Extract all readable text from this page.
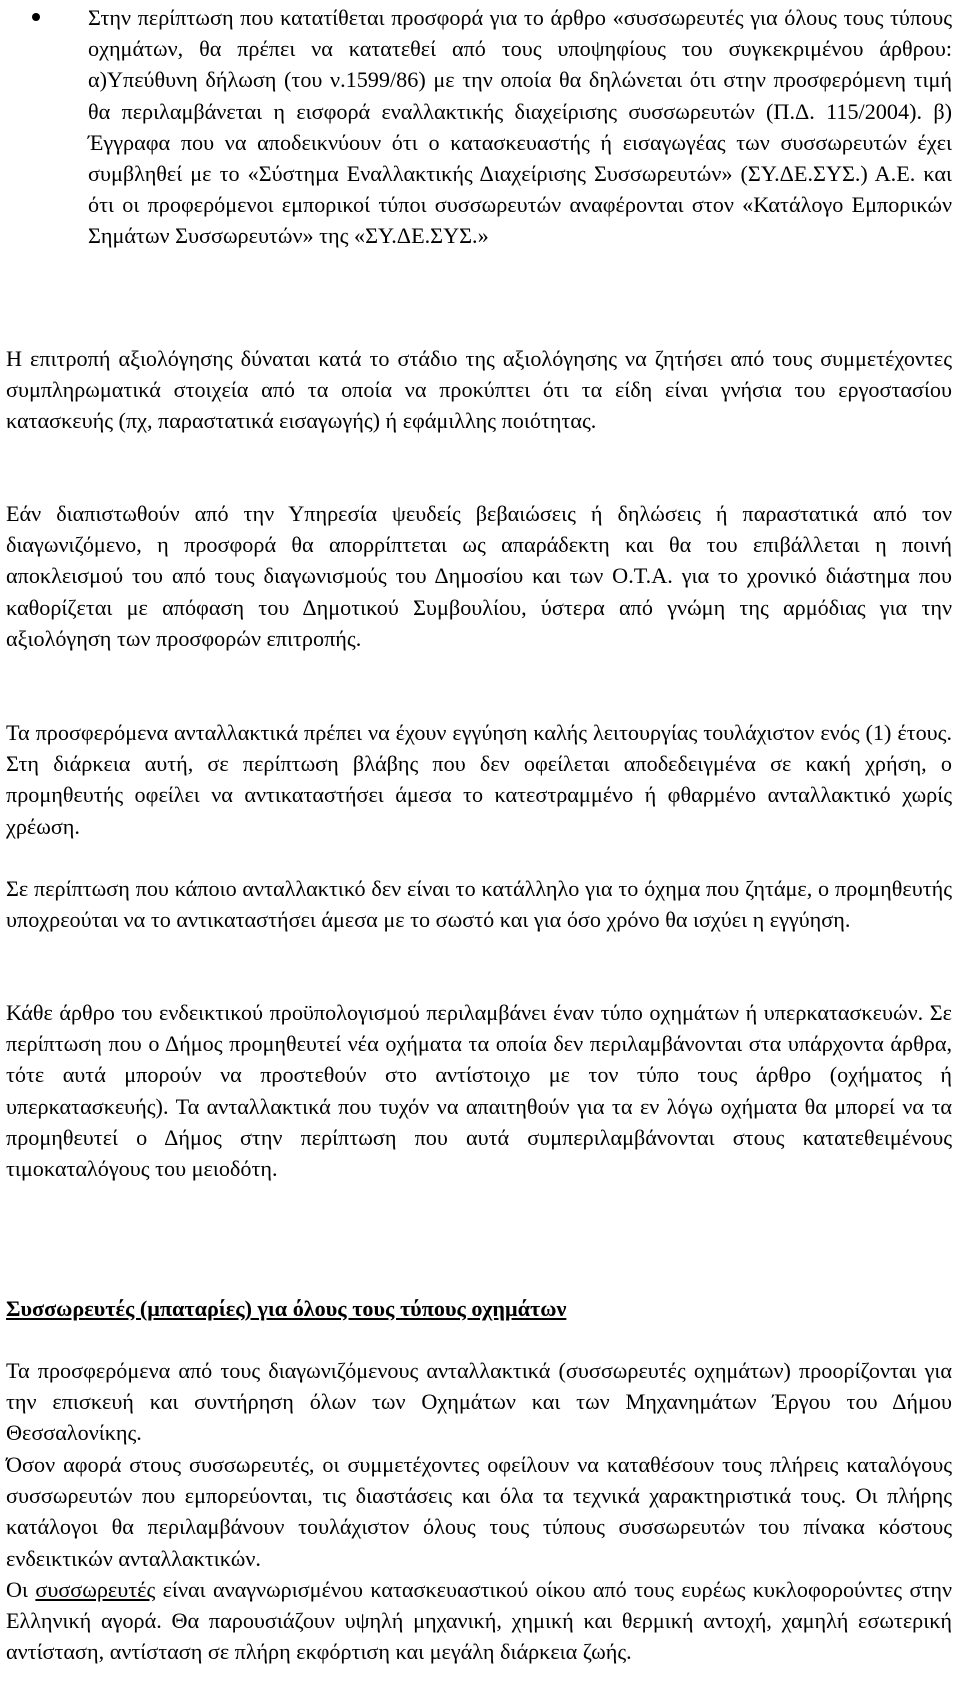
Στην περίπτωση που κατατίθεται προσφορά για το άρθρο «συσσωρευτές για όλους τους τύπους οχημάτων, θα πρέπει να κατατεθεί από τους υποψηφίους του συγκεκριμένου άρθρου: α)Υπεύθυνη δήλωση (του ν.1599/86) με την οποία θα δηλώνεται ότι στην προσφερόμενη τιμή θα περιλαμβάνεται η εισφορά εναλλακτικής διαχείρισης συσσωρευτών (Π.Δ. 115/2004). β) Έγγραφα που να αποδεικνύουν ότι ο κατασκευαστής ή εισαγωγέας των συσσωρευτών έχει συμβληθεί με το «Σύστημα Εναλλακτικής Διαχείρισης Συσσωρευτών» (ΣΥ.ΔΕ.ΣΥΣ.) Α.Ε. και ότι οι προφερόμενοι εμπορικοί τύποι συσσωρευτών αναφέρονται στον «Κατάλογο Εμπορικών Σημάτων Συσσωρευτών» της «ΣΥ.ΔΕ.ΣΥΣ.»

Η επιτροπή αξιολόγησης δύναται κατά το στάδιο της αξιολόγησης να ζητήσει από τους συμμετέχοντες συμπληρωματικά στοιχεία από τα οποία να προκύπτει ότι τα είδη είναι γνήσια του εργοστασίου κατασκευής (πχ, παραστατικά εισαγωγής) ή εφάμιλλης ποιότητας.

Εάν διαπιστωθούν από την Υπηρεσία ψευδείς βεβαιώσεις ή δηλώσεις ή παραστατικά από τον διαγωνιζόμενο, η προσφορά θα απορρίπτεται ως απαράδεκτη και θα του επιβάλλεται η ποινή αποκλεισμού του από τους διαγωνισμούς του Δημοσίου και των Ο.Τ.Α. για το χρονικό διάστημα που καθορίζεται με απόφαση του Δημοτικού Συμβουλίου, ύστερα από γνώμη της αρμόδιας για την αξιολόγηση των προσφορών επιτροπής.

Τα προσφερόμενα ανταλλακτικά πρέπει να έχουν εγγύηση καλής λειτουργίας τουλάχιστον ενός (1) έτους. Στη διάρκεια αυτή, σε περίπτωση βλάβης που δεν οφείλεται αποδεδειγμένα σε κακή χρήση, ο προμηθευτής οφείλει να αντικαταστήσει άμεσα το κατεστραμμένο ή φθαρμένο ανταλλακτικό χωρίς χρέωση.

Σε περίπτωση που κάποιο ανταλλακτικό δεν είναι το κατάλληλο για το όχημα που ζητάμε, ο προμηθευτής υποχρεούται να το αντικαταστήσει άμεσα με το σωστό και για όσο χρόνο θα ισχύει η εγγύηση.

Κάθε άρθρο του ενδεικτικού προϋπολογισμού περιλαμβάνει έναν τύπο οχημάτων ή υπερκατασκευών. Σε περίπτωση που ο Δήμος προμηθευτεί νέα οχήματα τα οποία δεν περιλαμβάνονται στα υπάρχοντα άρθρα, τότε αυτά μπορούν να προστεθούν στο αντίστοιχο με τον τύπο τους άρθρο (οχήματος ή υπερκατασκευής). Τα ανταλλακτικά που τυχόν να απαιτηθούν για τα εν λόγω οχήματα θα μπορεί να τα προμηθευτεί ο Δήμος στην περίπτωση που αυτά συμπεριλαμβάνονται στους κατατεθειμένους τιμοκαταλόγους του μειοδότη.

Συσσωρευτές (μπαταρίες) για όλους τους τύπους οχημάτων

Τα προσφερόμενα από τους διαγωνιζόμενους ανταλλακτικά (συσσωρευτές οχημάτων) προορίζονται για την επισκευή και συντήρηση όλων των Οχημάτων και των Μηχανημάτων Έργου του Δήμου Θεσσαλονίκης.

Όσον αφορά στους συσσωρευτές, οι συμμετέχοντες οφείλουν να καταθέσουν τους πλήρεις καταλόγους συσσωρευτών που εμπορεύονται, τις διαστάσεις και όλα τα τεχνικά χαρακτηριστικά τους. Οι πλήρης κατάλογοι θα περιλαμβάνουν τουλάχιστον όλους τους τύπους συσσωρευτών του πίνακα κόστους ενδεικτικών ανταλλακτικών.

Οι συσσωρευτές είναι αναγνωρισμένου κατασκευαστικού οίκου από τους ευρέως κυκλοφορούντες στην Ελληνική αγορά. Θα παρουσιάζουν υψηλή μηχανική, χημική και θερμική αντοχή, χαμηλή εσωτερική αντίσταση, αντίσταση σε πλήρη εκφόρτιση και μεγάλη διάρκεια ζωής.
